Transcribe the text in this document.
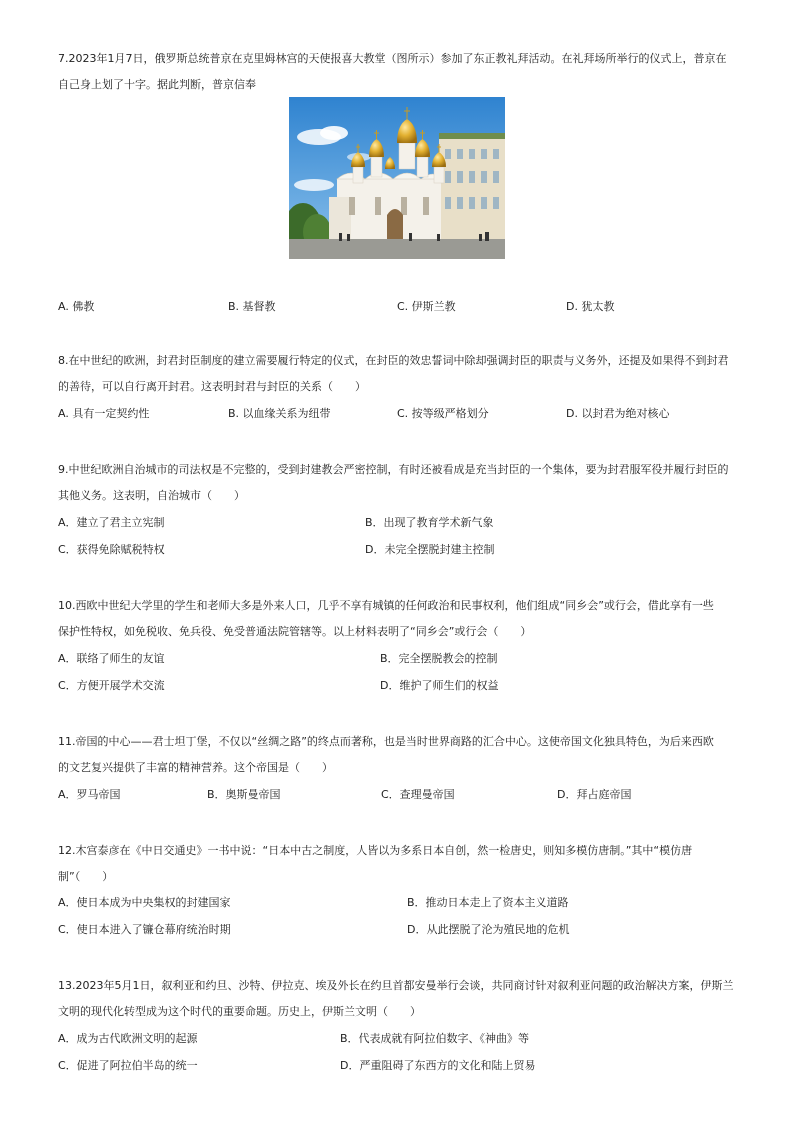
7.2023年1月7日，俄罗斯总统普京在克里姆林宫的天使报喜大教堂（图所示）参加了东正教礼拜活动。在礼拜场所举行的仪式上，普京在
自己身上划了十字。据此判断，普京信奉
A. 佛教	B. 基督教	C. 伊斯兰教	D. 犹太教
8.在中世纪的欧洲，封君封臣制度的建立需要履行特定的仪式，在封臣的效忠誓词中除却强调封臣的职责与义务外，还提及如果得不到封君
的善待，可以自行离开封君。这表明封君与封臣的关系（　　）
A. 具有一定契约性	B. 以血缘关系为纽带	C. 按等级严格划分	D. 以封君为绝对核心
9.中世纪欧洲自治城市的司法权是不完整的，受到封建教会严密控制，有时还被看成是充当封臣的一个集体，要为封君服军役并履行封臣的
其他义务。这表明，自治城市（　　）
A．建立了君主立宪制	B．出现了教育学术新气象
C．获得免除赋税特权	D．未完全摆脱封建主控制
10.西欧中世纪大学里的学生和老师大多是外来人口，几乎不享有城镇的任何政治和民事权利，他们组成“同乡会”或行会，借此享有一些
保护性特权，如免税收、免兵役、免受普通法院管辖等。以上材料表明了“同乡会”或行会（　　）
A．联络了师生的友谊	B．完全摆脱教会的控制
C．方便开展学术交流	D．维护了师生们的权益
11.帝国的中心——君士坦丁堡，不仅以“丝绸之路”的终点而著称，也是当时世界商路的汇合中心。这使帝国文化独具特色，为后来西欧
的文艺复兴提供了丰富的精神营养。这个帝国是（　　）
A．罗马帝国	B．奥斯曼帝国	C．查理曼帝国	D．拜占庭帝国
12.木宫泰彦在《中日交通史》一书中说：“日本中古之制度，人皆以为多系日本自创，然一检唐史，则知多模仿唐制。”其中“模仿唐
制”（　　）
A．使日本成为中央集权的封建国家	B．推动日本走上了资本主义道路
C．使日本进入了镰仓幕府统治时期	D．从此摆脱了沦为殖民地的危机
13.2023年5月1日，叙利亚和约旦、沙特、伊拉克、埃及外长在约旦首都安曼举行会谈，共同商讨针对叙利亚问题的政治解决方案，伊斯兰
文明的现代化转型成为这个时代的重要命题。历史上，伊斯兰文明（　　）
A．成为古代欧洲文明的起源	B．代表成就有阿拉伯数字、《神曲》等
C．促进了阿拉伯半岛的统一	D．严重阻碍了东西方的文化和陆上贸易
